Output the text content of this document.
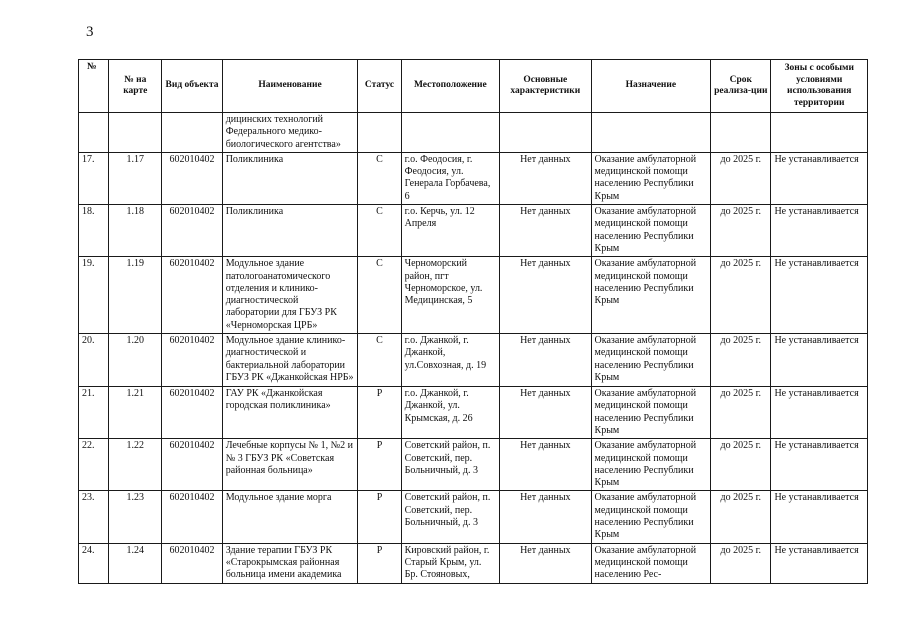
3
№	№ на карте	Вид объекта	Наименование	Статус	Местоположение	Основные характеристики	Назначение	Срок реализа-ции	Зоны с особыми условиями использования территории
			дицинских технологий Федерального медико-биологического агентства»						
17.	1.17	602010402	Поликлиника	С	г.о. Феодосия, г. Феодосия, ул. Генерала Горбачева, 6	Нет данных	Оказание амбулаторной медицинской помощи населению Республики Крым	до 2025 г.	Не устанавливается
18.	1.18	602010402	Поликлиника	С	г.о. Керчь, ул. 12 Апреля	Нет данных	Оказание амбулаторной медицинской помощи населению Республики Крым	до 2025 г.	Не устанавливается
19.	1.19	602010402	Модульное здание патологоанатомического отделения и клинико-диагностической лаборатории для ГБУЗ РК «Черноморская ЦРБ»	С	Черноморский район, пгт Черноморское, ул. Медицинская, 5	Нет данных	Оказание амбулаторной медицинской помощи населению Республики Крым	до 2025 г.	Не устанавливается
20.	1.20	602010402	Модульное здание клинико-диагностической и бактериальной лаборатории ГБУЗ РК «Джанкойская НРБ»	С	г.о. Джанкой, г. Джанкой, ул.Совхозная, д. 19	Нет данных	Оказание амбулаторной медицинской помощи населению Республики Крым	до 2025 г.	Не устанавливается
21.	1.21	602010402	ГАУ РК «Джанкойская городская поликлиника»	Р	г.о. Джанкой, г. Джанкой, ул. Крымская, д. 26	Нет данных	Оказание амбулаторной медицинской помощи населению Республики Крым	до 2025 г.	Не устанавливается
22.	1.22	602010402	Лечебные корпусы № 1, №2 и № 3 ГБУЗ РК «Советская районная больница»	Р	Советский район, п. Советский, пер. Больничный, д. 3	Нет данных	Оказание амбулаторной медицинской помощи населению Республики Крым	до 2025 г.	Не устанавливается
23.	1.23	602010402	Модульное здание морга	Р	Советский район, п. Советский, пер. Больничный, д. 3	Нет данных	Оказание амбулаторной медицинской помощи населению Республики Крым	до 2025 г.	Не устанавливается
24.	1.24	602010402	Здание терапии ГБУЗ РК «Старокрымская районная больница имени академика	Р	Кировский район, г. Старый Крым, ул. Бр. Стояновых,	Нет данных	Оказание амбулаторной медицинской помощи населению Рес-	до 2025 г.	Не устанавливается
